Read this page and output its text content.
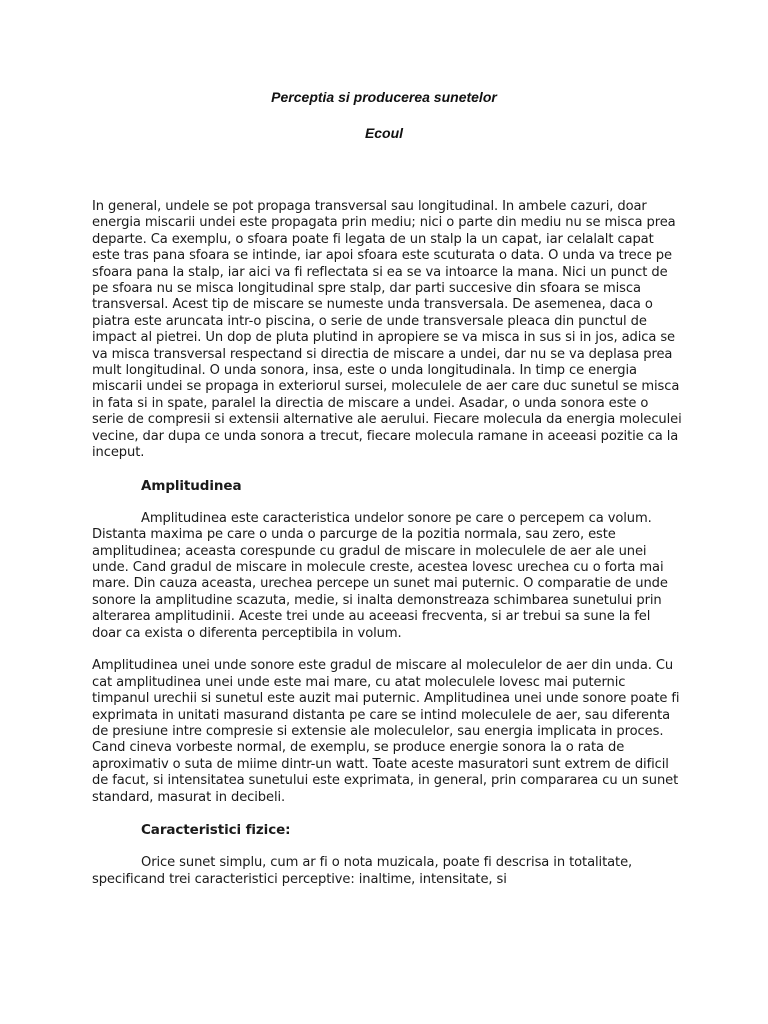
Perceptia si producerea sunetelor
Ecoul

In general, undele se pot propaga transversal sau longitudinal. In ambele cazuri, doar energia miscarii undei este propagata prin mediu; nici o parte din mediu nu se misca prea departe. Ca exemplu, o sfoara poate fi legata de un stalp la un capat, iar celalalt capat este tras pana sfoara se intinde, iar apoi sfoara este scuturata o data. O unda va trece pe sfoara pana la stalp, iar aici va fi reflectata si ea se va intoarce la mana. Nici un punct de pe sfoara nu se misca longitudinal spre stalp, dar parti succesive din sfoara se misca transversal. Acest tip de miscare se numeste unda transversala. De asemenea, daca o piatra este aruncata intr-o piscina, o serie de unde transversale pleaca din punctul de impact al pietrei. Un dop de pluta plutind in apropiere se va misca in sus si in jos, adica se va misca transversal respectand si directia de miscare a undei, dar nu se va deplasa prea mult longitudinal. O unda sonora, insa, este o unda longitudinala. In timp ce energia miscarii undei se propaga in exteriorul sursei, moleculele de aer care duc sunetul se misca in fata si in spate, paralel la directia de miscare a undei. Asadar, o unda sonora este o serie de compresii si extensii alternative ale aerului. Fiecare molecula da energia moleculei vecine, dar dupa ce unda sonora a trecut, fiecare molecula ramane in aceeasi pozitie ca la inceput.

Amplitudinea

Amplitudinea este caracteristica undelor sonore pe care o percepem ca volum. Distanta maxima pe care o unda o parcurge de la pozitia normala, sau zero, este amplitudinea; aceasta corespunde cu gradul de miscare in moleculele de aer ale unei unde. Cand gradul de miscare in molecule creste, acestea lovesc urechea cu o forta mai mare. Din cauza aceasta, urechea percepe un sunet mai puternic. O comparatie de unde sonore la amplitudine scazuta, medie, si inalta demonstreaza schimbarea sunetului prin alterarea amplitudinii. Aceste trei unde au aceeasi frecventa, si ar trebui sa sune la fel doar ca exista o diferenta perceptibila in volum.

Amplitudinea unei unde sonore este gradul de miscare al moleculelor de aer din unda. Cu cat amplitudinea unei unde este mai mare, cu atat moleculele lovesc mai puternic timpanul urechii si sunetul este auzit mai puternic. Amplitudinea unei unde sonore poate fi exprimata in unitati masurand distanta pe care se intind moleculele de aer, sau diferenta de presiune intre compresie si extensie ale moleculelor, sau energia implicata in proces. Cand cineva vorbeste normal, de exemplu, se produce energie sonora la o rata de aproximativ o suta de miime dintr-un watt. Toate aceste masuratori sunt extrem de dificil de facut, si intensitatea sunetului este exprimata, in general, prin compararea cu un sunet standard, masurat in decibeli.

Caracteristici fizice:

Orice sunet simplu, cum ar fi o nota muzicala, poate fi descrisa in totalitate, specificand trei caracteristici perceptive: inaltime, intensitate, si
